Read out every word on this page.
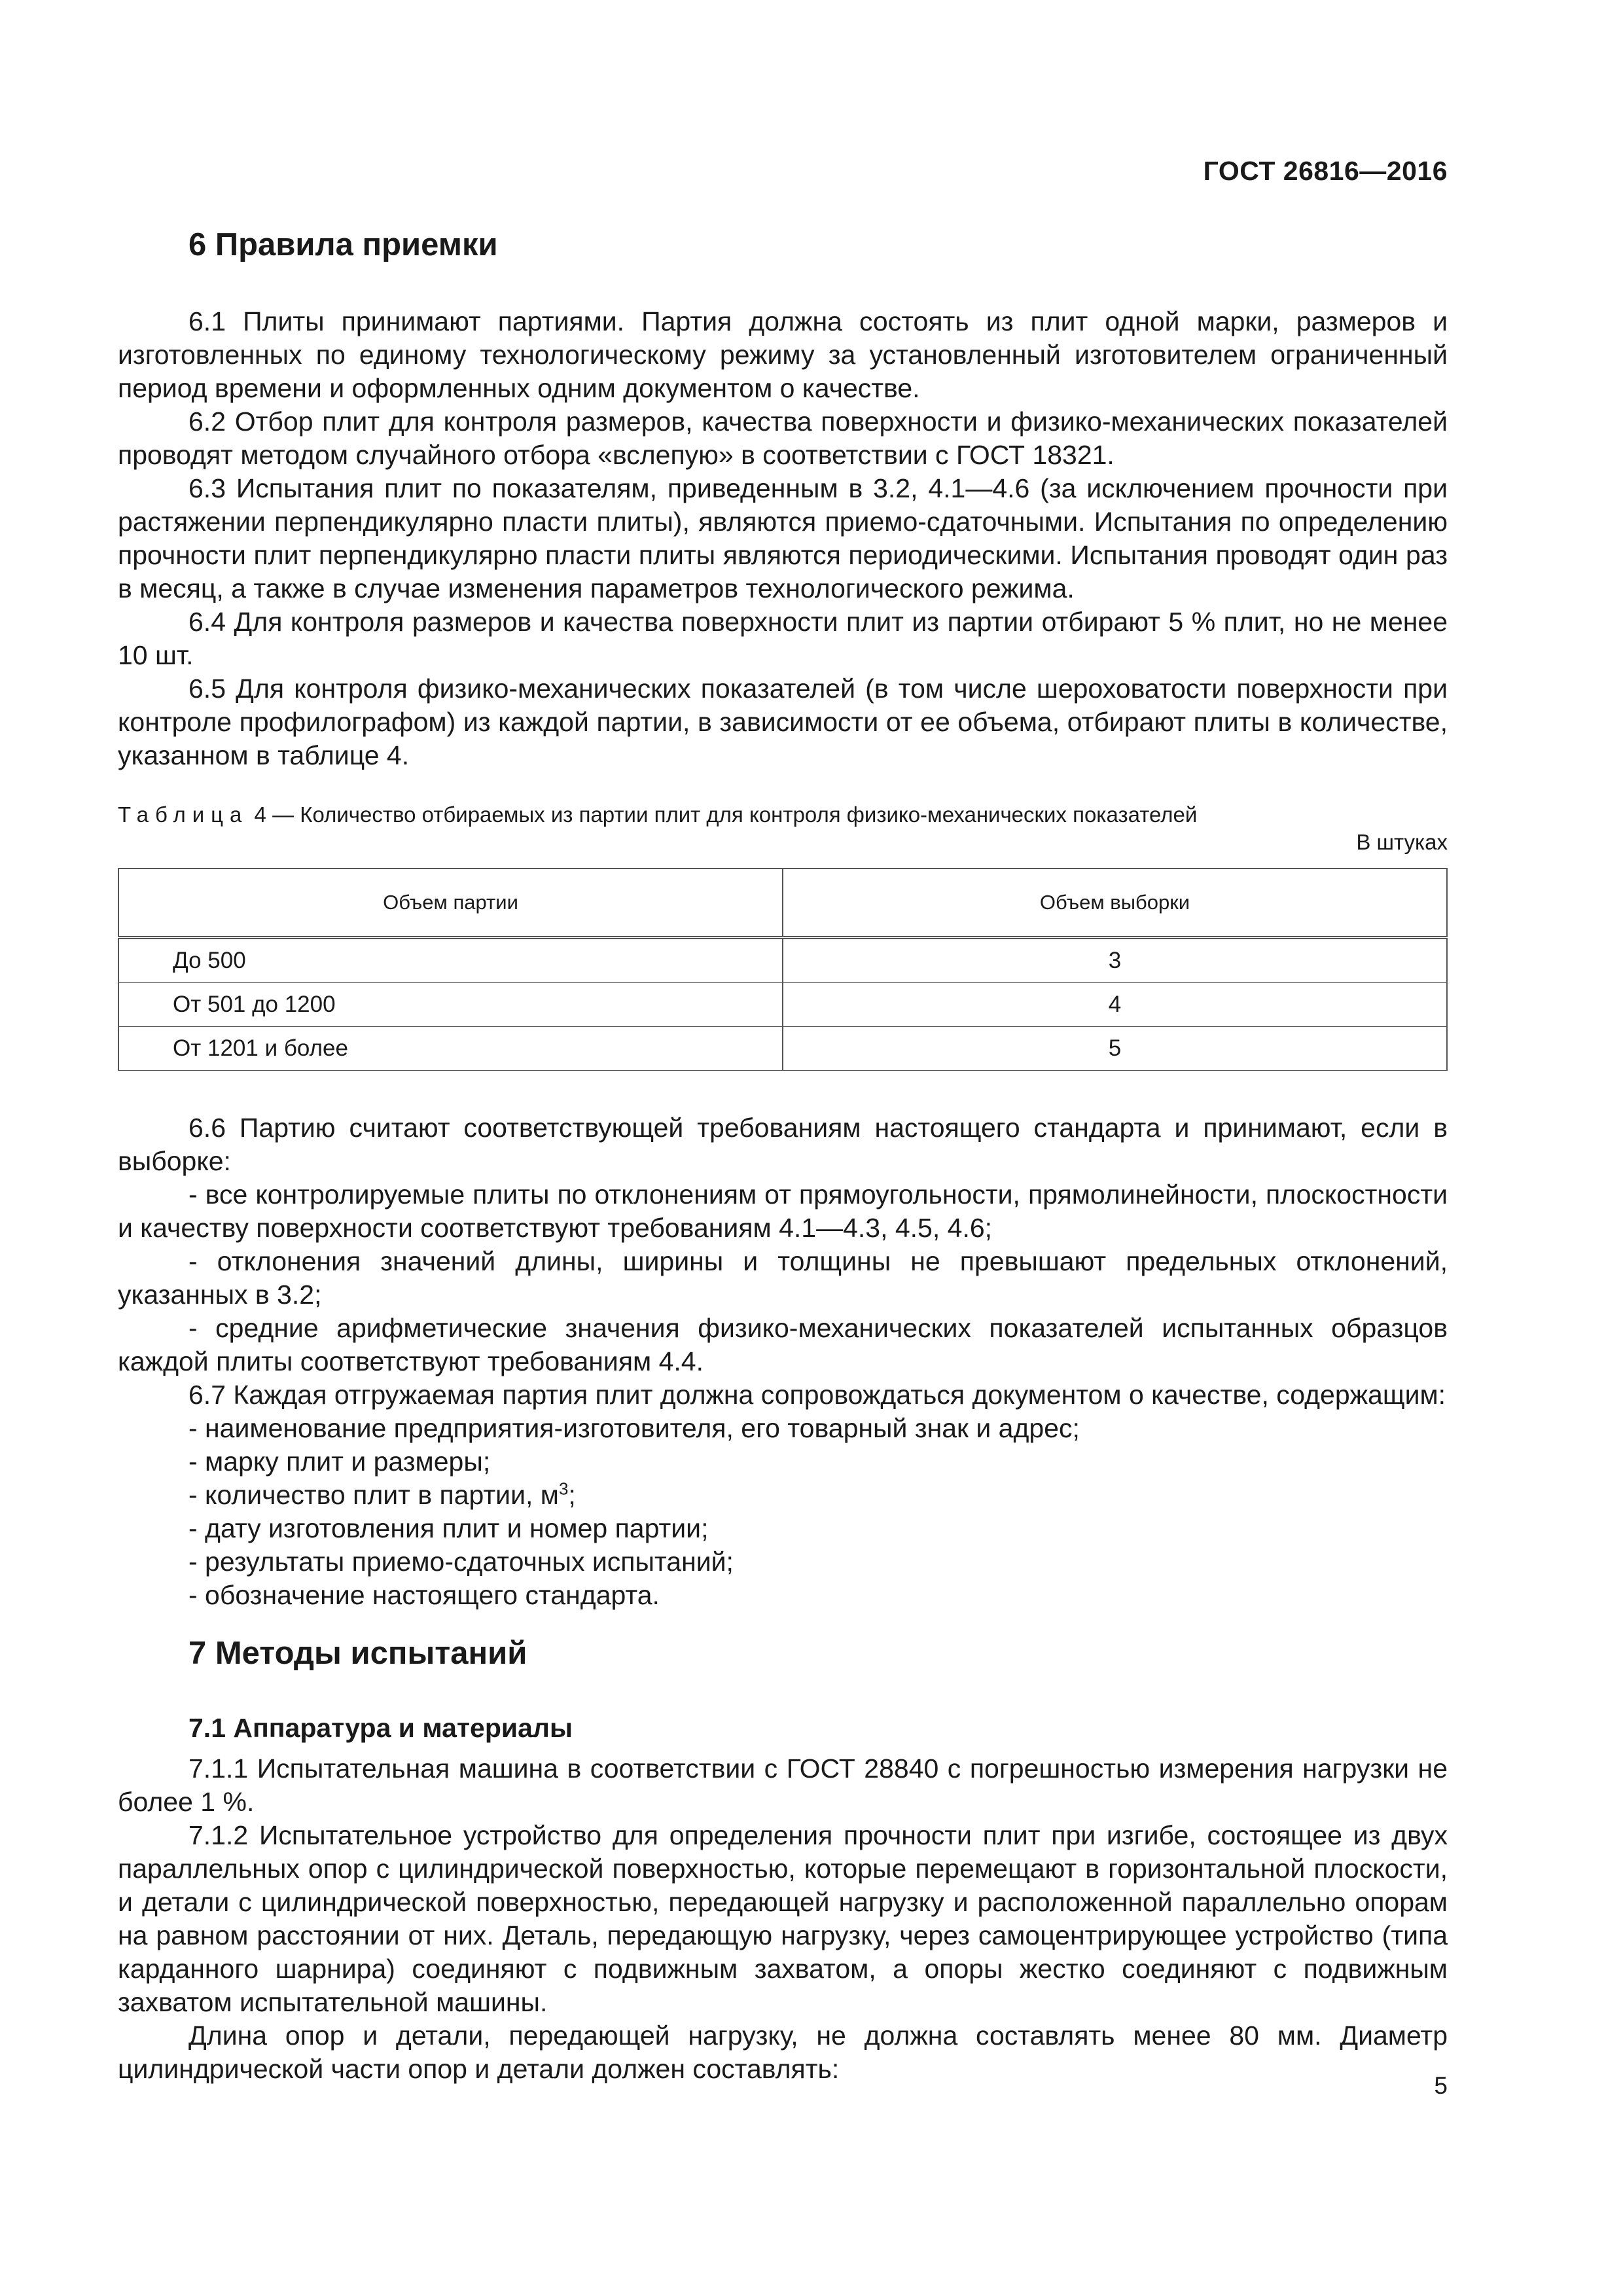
ГОСТ 26816—2016
6 Правила приемки

6.1 Плиты принимают партиями. Партия должна состоять из плит одной марки, размеров и изготовленных по единому технологическому режиму за установленный изготовителем ограниченный период времени и оформленных одним документом о качестве.

6.2 Отбор плит для контроля размеров, качества поверхности и физико-механических показателей проводят методом случайного отбора «вслепую» в соответствии с ГОСТ 18321.

6.3 Испытания плит по показателям, приведенным в 3.2, 4.1—4.6 (за исключением прочности при растяжении перпендикулярно пласти плиты), являются приемо-сдаточными. Испытания по определению прочности плит перпендикулярно пласти плиты являются периодическими. Испытания проводят один раз в месяц, а также в случае изменения параметров технологического режима.

6.4 Для контроля размеров и качества поверхности плит из партии отбирают 5 % плит, но не менее 10 шт.

6.5 Для контроля физико-механических показателей (в том числе шероховатости поверхности при контроле профилографом) из каждой партии, в зависимости от ее объема, отбирают плиты в количестве, указанном в таблице 4.

Таблица 4 — Количество отбираемых из партии плит для контроля физико-механических показателей
В штуках
Объем партии	Объем выборки
До 500	3
От 501 до 1200	4
От 1201 и более	5

6.6 Партию считают соответствующей требованиям настоящего стандарта и принимают, если в выборке:

- все контролируемые плиты по отклонениям от прямоугольности, прямолинейности, плоскостности и качеству поверхности соответствуют требованиям 4.1—4.3, 4.5, 4.6;

- отклонения значений длины, ширины и толщины не превышают предельных отклонений, указанных в 3.2;

- средние арифметические значения физико-механических показателей испытанных образцов каждой плиты соответствуют требованиям 4.4.

6.7 Каждая отгружаемая партия плит должна сопровождаться документом о качестве, содержащим:

- наименование предприятия-изготовителя, его товарный знак и адрес;

- марку плит и размеры;

- количество плит в партии, $м^3$;

- дату изготовления плит и номер партии;

- результаты приемо-сдаточных испытаний;

- обозначение настоящего стандарта.

7 Методы испытаний
7.1 Аппаратура и материалы

7.1.1 Испытательная машина в соответствии с ГОСТ 28840 с погрешностью измерения нагрузки не более 1 %.

7.1.2 Испытательное устройство для определения прочности плит при изгибе, состоящее из двух параллельных опор с цилиндрической поверхностью, которые перемещают в горизонтальной плоскости, и детали с цилиндрической поверхностью, передающей нагрузку и расположенной параллельно опорам на равном расстоянии от них. Деталь, передающую нагрузку, через самоцентрирующее устройство (типа карданного шарнира) соединяют с подвижным захватом, а опоры жестко соединяют с подвижным захватом испытательной машины.

Длина опор и детали, передающей нагрузку, не должна составлять менее 80 мм. Диаметр цилиндрической части опор и детали должен составлять:

5
